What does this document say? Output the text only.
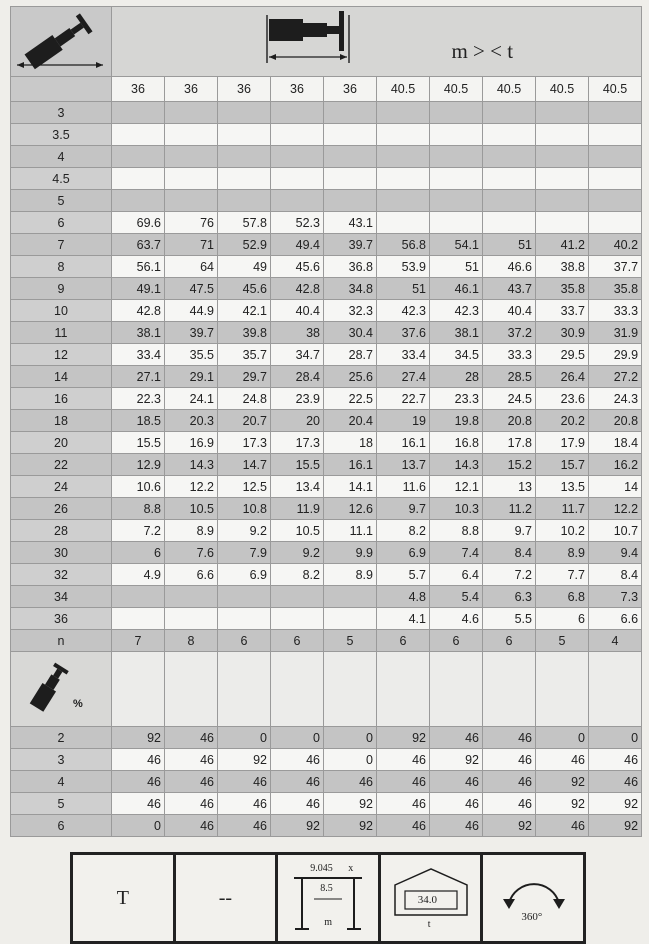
m > < t									

	36	36	36	36	36	40.5	40.5	40.5	40.5	40.5
3										
3.5										
4										
4.5										
5										
6	69.6	76	57.8	52.3	43.1					
7	63.7	71	52.9	49.4	39.7	56.8	54.1	51	41.2	40.2
8	56.1	64	49	45.6	36.8	53.9	51	46.6	38.8	37.7
9	49.1	47.5	45.6	42.8	34.8	51	46.1	43.7	35.8	35.8
10	42.8	44.9	42.1	40.4	32.3	42.3	42.3	40.4	33.7	33.3
11	38.1	39.7	39.8	38	30.4	37.6	38.1	37.2	30.9	31.9
12	33.4	35.5	35.7	34.7	28.7	33.4	34.5	33.3	29.5	29.9
14	27.1	29.1	29.7	28.4	25.6	27.4	28	28.5	26.4	27.2
16	22.3	24.1	24.8	23.9	22.5	22.7	23.3	24.5	23.6	24.3
18	18.5	20.3	20.7	20	20.4	19	19.8	20.8	20.2	20.8
20	15.5	16.9	17.3	17.3	18	16.1	16.8	17.8	17.9	18.4
22	12.9	14.3	14.7	15.5	16.1	13.7	14.3	15.2	15.7	16.2
24	10.6	12.2	12.5	13.4	14.1	11.6	12.1	13	13.5	14
26	8.8	10.5	10.8	11.9	12.6	9.7	10.3	11.2	11.7	12.2
28	7.2	8.9	9.2	10.5	11.1	8.2	8.8	9.7	10.2	10.7
30	6	7.6	7.9	9.2	9.9	6.9	7.4	8.4	8.9	9.4
32	4.9	6.6	6.9	8.2	8.9	5.7	6.4	7.2	7.7	8.4
34						4.8	5.4	6.3	6.8	7.3
36						4.1	4.6	5.5	6	6.6
n	7	8	6	6	5	6	6	6	5	4

%										

2	92	46	0	0	0	92	46	46	0	0
3	46	46	92	46	0	46	92	46	46	46
4	46	46	46	46	46	46	46	46	92	46
5	46	46	46	46	92	46	46	46	92	92
6	0	46	46	92	92	46	46	92	46	92
T	--
9.045 x
8.5
m
34.0
t
360°
